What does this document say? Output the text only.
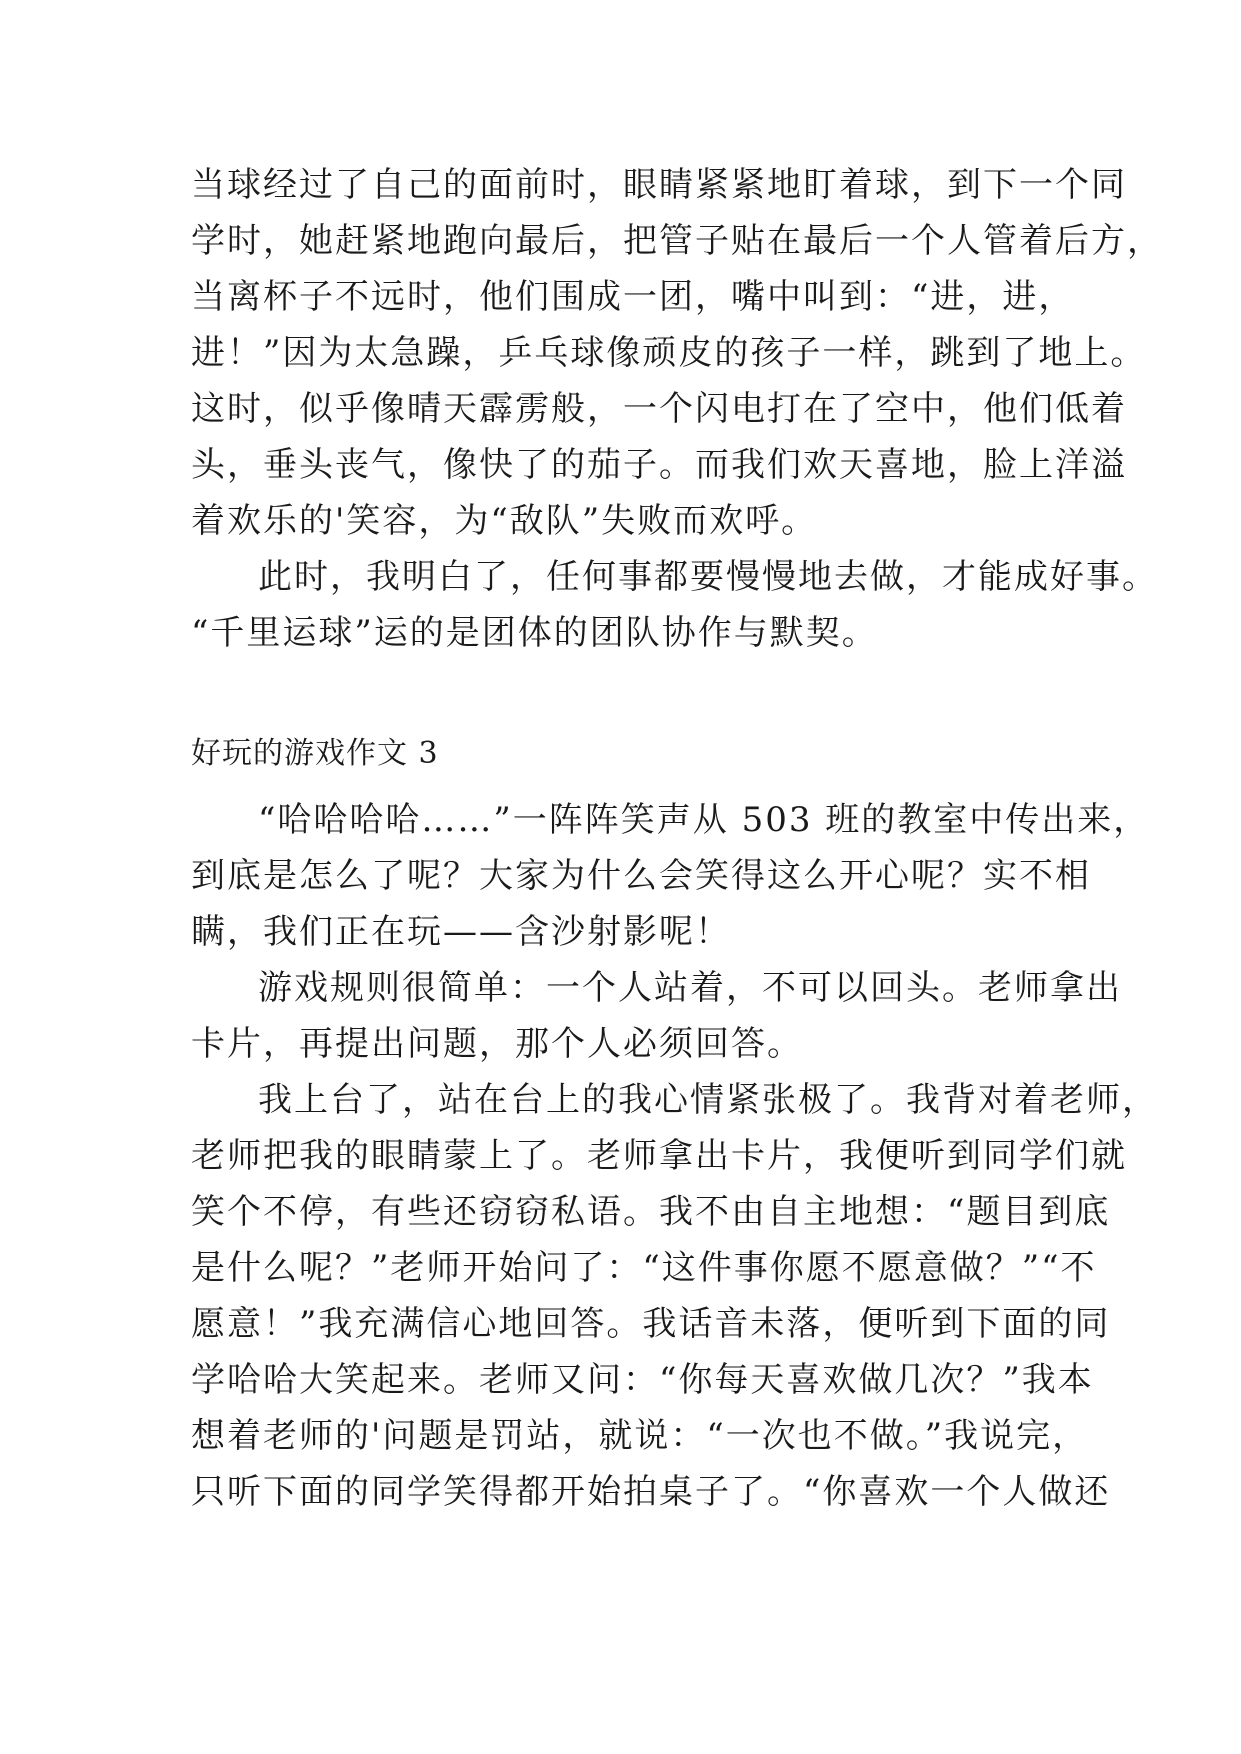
当球经过了自己的面前时，眼睛紧紧地盯着球，到下一个同
学时，她赶紧地跑向最后，把管子贴在最后一个人管着后方，
当离杯子不远时，他们围成一团，嘴中叫到：“进，进，
进！”因为太急躁，乒乓球像顽皮的孩子一样，跳到了地上。
这时，似乎像晴天霹雳般，一个闪电打在了空中，他们低着
头，垂头丧气，像快了的茄子。而我们欢天喜地，脸上洋溢
着欢乐的'笑容，为“敌队”失败而欢呼。
此时，我明白了，任何事都要慢慢地去做，才能成好事。
“千里运球”运的是团体的团队协作与默契。
好玩的游戏作文 3
“哈哈哈哈……”一阵阵笑声从 503 班的教室中传出来，
到底是怎么了呢？大家为什么会笑得这么开心呢？实不相
瞒，我们正在玩——含沙射影呢！
游戏规则很简单：一个人站着，不可以回头。老师拿出
卡片，再提出问题，那个人必须回答。
我上台了，站在台上的我心情紧张极了。我背对着老师，
老师把我的眼睛蒙上了。老师拿出卡片，我便听到同学们就
笑个不停，有些还窃窃私语。我不由自主地想：“题目到底
是什么呢？”老师开始问了：“这件事你愿不愿意做？”“不
愿意！”我充满信心地回答。我话音未落，便听到下面的同
学哈哈大笑起来。老师又问：“你每天喜欢做几次？”我本
想着老师的'问题是罚站，就说：“一次也不做。”我说完，
只听下面的同学笑得都开始拍桌子了。“你喜欢一个人做还
